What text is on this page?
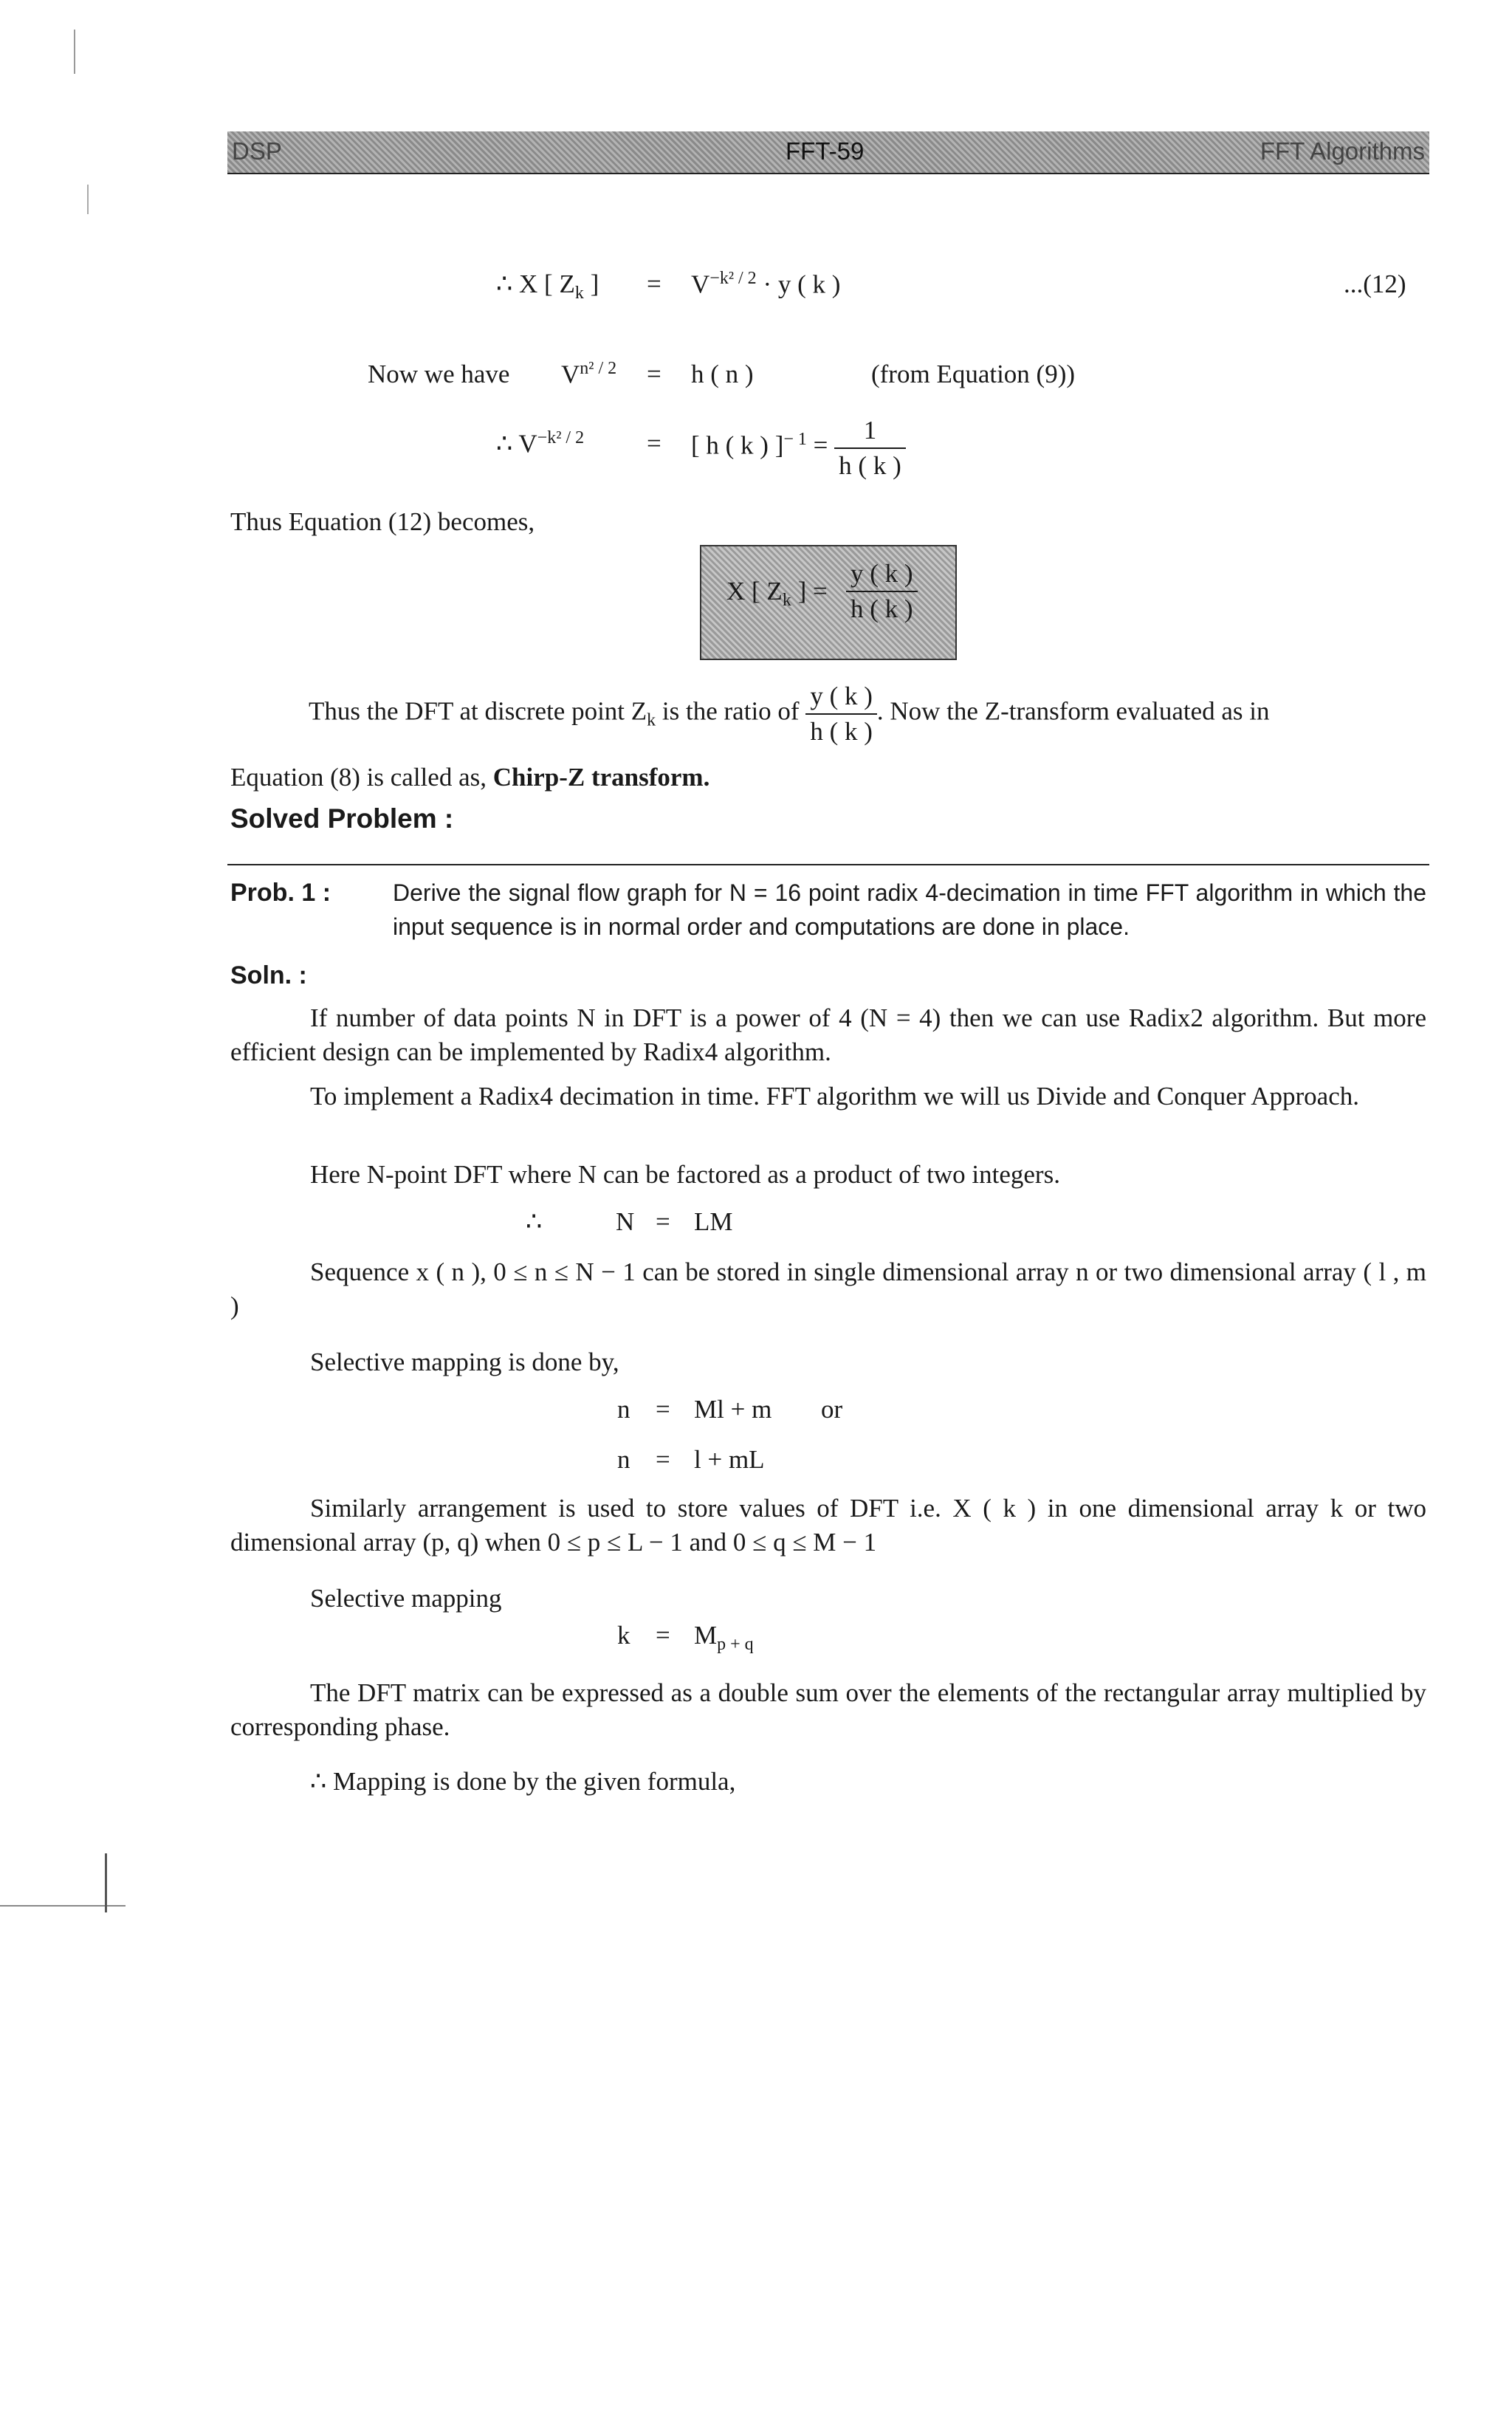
DSP	FFT-59	FFT Algorithms
∴ X [ $Z_k$ ] = $V^{-k^2 / 2} \cdot y$ ( k )	...(12)
Now we have $V^{n^2 / 2} = h$ ( n )	(from Equation (9))
∴ $V^{-k^2 / 2}$ = [ h ( k ) ]$^{- 1} = \frac{1}{h ( k )}$
Thus Equation (12) becomes,
X [ $Z_k$ ] = $\frac{y ( k )}{h ( k )}$
Thus the DFT at discrete point $Z_k$ is the ratio of $\frac{y ( k )}{h ( k )}$ . Now the Z-transform evaluated as in
Equation (8) is called as, Chirp-Z transform.
Solved Problem :
Prob. 1 :	Derive the signal flow graph for N = 16 point radix 4-decimation in time FFT algorithm in which the input sequence is in normal order and computations are done in place.
Soln. :

If number of data points N in DFT is a power of 4 (N = 4) then we can use Radix2 algorithm. But more efficient design can be implemented by Radix4 algorithm.

To implement a Radix4 decimation in time. FFT algorithm we will us Divide and Conquer Approach.

Here N-point DFT where N can be factored as a product of two integers.

∴	N = LM

Sequence x ( n ), 0 ≤ n ≤ N − 1 can be stored in single dimensional array n or two dimensional array ( l , m )

Selective mapping is done by,

n = Ml + m or
n = l + mL

Similarly arrangement is used to store values of DFT i.e. X ( k ) in one dimensional array k or two dimensional array (p, q) when 0 ≤ p ≤ L − 1 and 0 ≤ q ≤ M − 1

Selective mapping

$k = M_{p + q}$

The DFT matrix can be expressed as a double sum over the elements of the rectangular array multiplied by corresponding phase.

∴ Mapping is done by the given formula,
